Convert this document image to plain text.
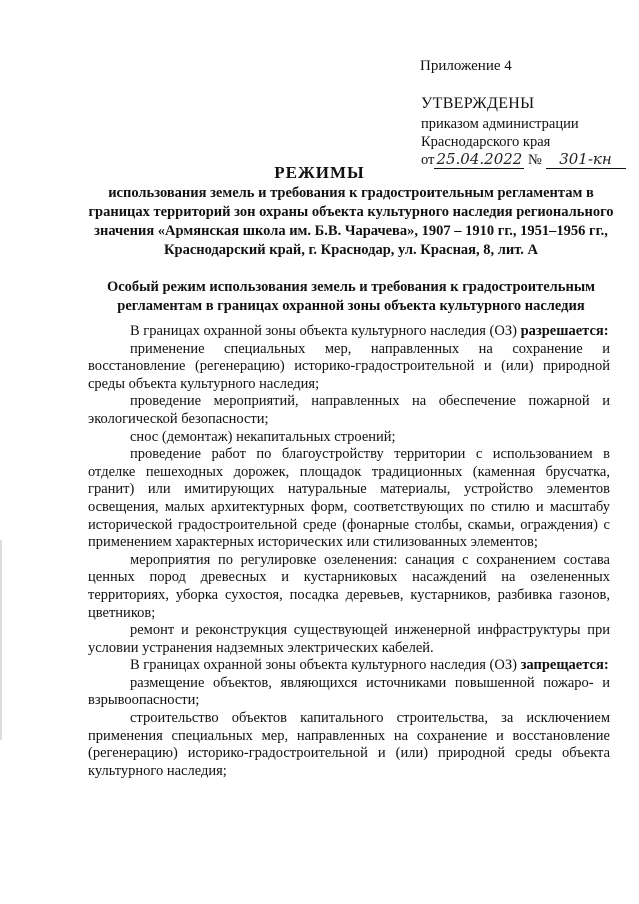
Приложение 4
УТВЕРЖДЕНЫ
приказом администрации
Краснодарского края
от 25.04.2022 № 301-кн
РЕЖИМЫ
использования земель и требования к градостроительным регламентам в границах территорий зон охраны объекта культурного наследия регионального значения «Армянская школа им. Б.В. Чарачева», 1907 – 1910 гг., 1951–1956 гг., Краснодарский край, г. Краснодар, ул. Красная, 8, лит. А
Особый режим использования земель и требования к градостроительным регламентам в границах охранной зоны объекта культурного наследия

В границах охранной зоны объекта культурного наследия (ОЗ) разрешается:

применение специальных мер, направленных на сохранение и восстановление (регенерацию) историко-градостроительной и (или) природной среды объекта культурного наследия;

проведение мероприятий, направленных на обеспечение пожарной и экологической безопасности;

снос (демонтаж) некапитальных строений;

проведение работ по благоустройству территории с использованием в отделке пешеходных дорожек, площадок традиционных (каменная брусчатка, гранит) или имитирующих натуральные материалы, устройство элементов освещения, малых архитектурных форм, соответствующих по стилю и масштабу исторической градостроительной среде (фонарные столбы, скамьи, ограждения) с применением характерных исторических или стилизованных элементов;

мероприятия по регулировке озеленения: санация с сохранением состава ценных пород древесных и кустарниковых насаждений на озелененных территориях, уборка сухостоя, посадка деревьев, кустарников, разбивка газонов, цветников;

ремонт и реконструкция существующей инженерной инфраструктуры при условии устранения надземных электрических кабелей.

В границах охранной зоны объекта культурного наследия (ОЗ) запрещается:

размещение объектов, являющихся источниками повышенной пожаро- и взрывоопасности;

строительство объектов капитального строительства, за исключением применения специальных мер, направленных на сохранение и восстановление (регенерацию) историко-градостроительной и (или) природной среды объекта культурного наследия;
